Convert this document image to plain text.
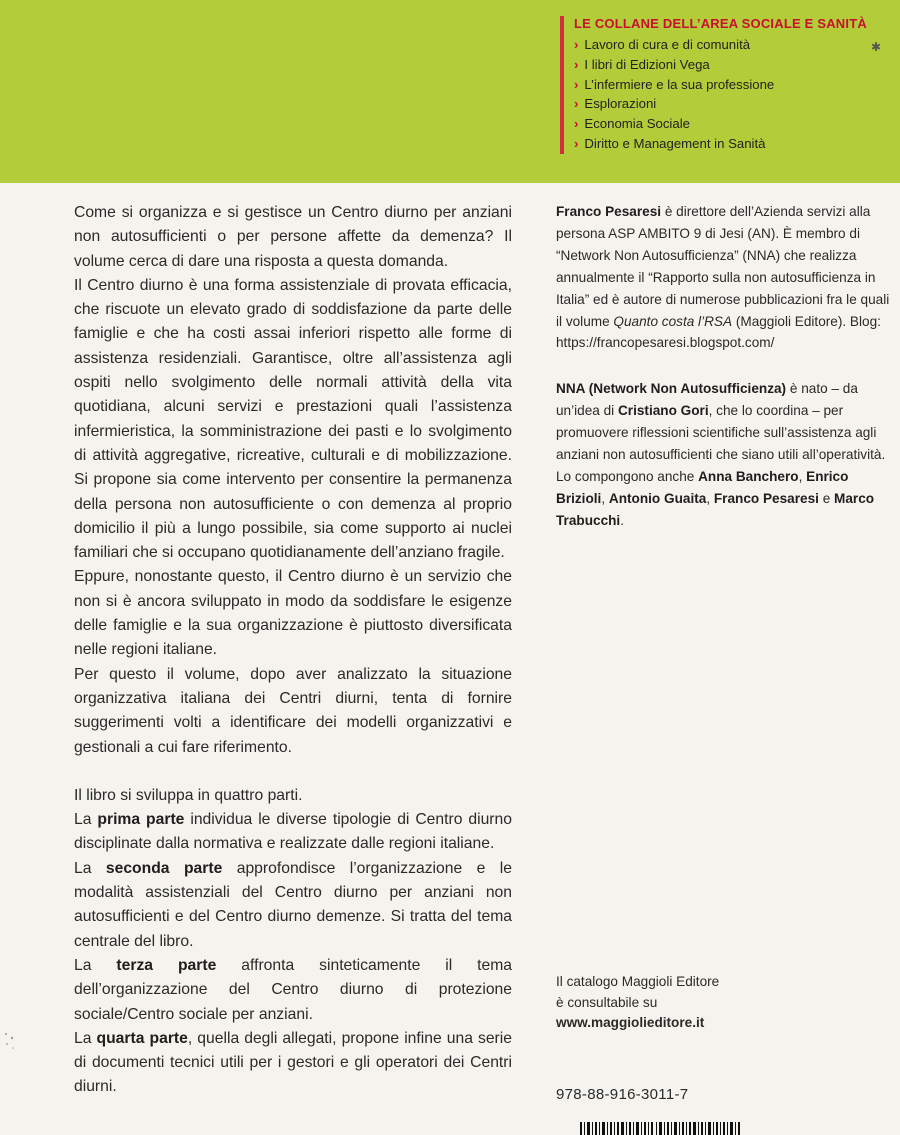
LE COLLANE DELL’AREA SOCIALE E SANITÀ
› Lavoro di cura e di comunità
› I libri di Edizioni Vega
› L’infermiere e la sua professione
› Esplorazioni
› Economia Sociale
› Diritto e Management in Sanità
✱

Come si organizza e si gestisce un Centro diurno per anziani non autosufficienti o per persone affette da demenza? Il volume cerca di dare una risposta a questa domanda.

Il Centro diurno è una forma assistenziale di provata efficacia, che riscuote un elevato grado di soddisfazione da parte delle famiglie e che ha costi assai inferiori rispetto alle forme di assistenza residenziali. Garantisce, oltre all’assistenza agli ospiti nello svolgimento delle normali attività della vita quotidiana, alcuni servizi e prestazioni quali l’assistenza infermieristica, la somministrazione dei pasti e lo svolgimento di attività aggregative, ricreative, culturali e di mobilizzazione. Si propone sia come intervento per consentire la permanenza della persona non autosufficiente o con demenza al proprio domicilio il più a lungo possibile, sia come supporto ai nuclei familiari che si occupano quotidianamente dell’anziano fragile.

Eppure, nonostante questo, il Centro diurno è un servizio che non si è ancora sviluppato in modo da soddisfare le esigenze delle famiglie e la sua organizzazione è piuttosto diversificata nelle regioni italiane.

Per questo il volume, dopo aver analizzato la situazione organizzativa italiana dei Centri diurni, tenta di fornire suggerimenti volti a identificare dei modelli organizzativi e gestionali a cui fare riferimento.

Il libro si sviluppa in quattro parti.

La prima parte individua le diverse tipologie di Centro diurno disciplinate dalla normativa e realizzate dalle regioni italiane.

La seconda parte approfondisce l’organizzazione e le modalità assistenziali del Centro diurno per anziani non autosufficienti e del Centro diurno demenze. Si tratta del tema centrale del libro.

La terza parte affronta sinteticamente il tema dell’organizzazione del Centro diurno di protezione sociale/Centro sociale per anziani.

La quarta parte, quella degli allegati, propone infine una serie di documenti tecnici utili per i gestori e gli operatori dei Centri diurni.

Franco Pesaresi è direttore dell’Azienda servizi alla persona ASP AMBITO 9 di Jesi (AN). È membro di “Network Non Autosufficienza” (NNA) che realizza annualmente il “Rapporto sulla non autosufficienza in Italia” ed è autore di numerose pubblicazioni fra le quali il volume Quanto costa l’RSA (Maggioli Editore). Blog: https://francopesaresi.blogspot.com/

NNA (Network Non Autosufficienza) è nato – da un’idea di Cristiano Gori, che lo coordina – per promuovere riflessioni scientifiche sull’assistenza agli anziani non autosufficienti che siano utili all’operatività. Lo compongono anche Anna Banchero, Enrico Brizioli, Antonio Guaita, Franco Pesaresi e Marco Trabucchi.

Il catalogo Maggioli Editore
è consultabile su
www.maggiolieditore.it
978-88-916-3011-7
